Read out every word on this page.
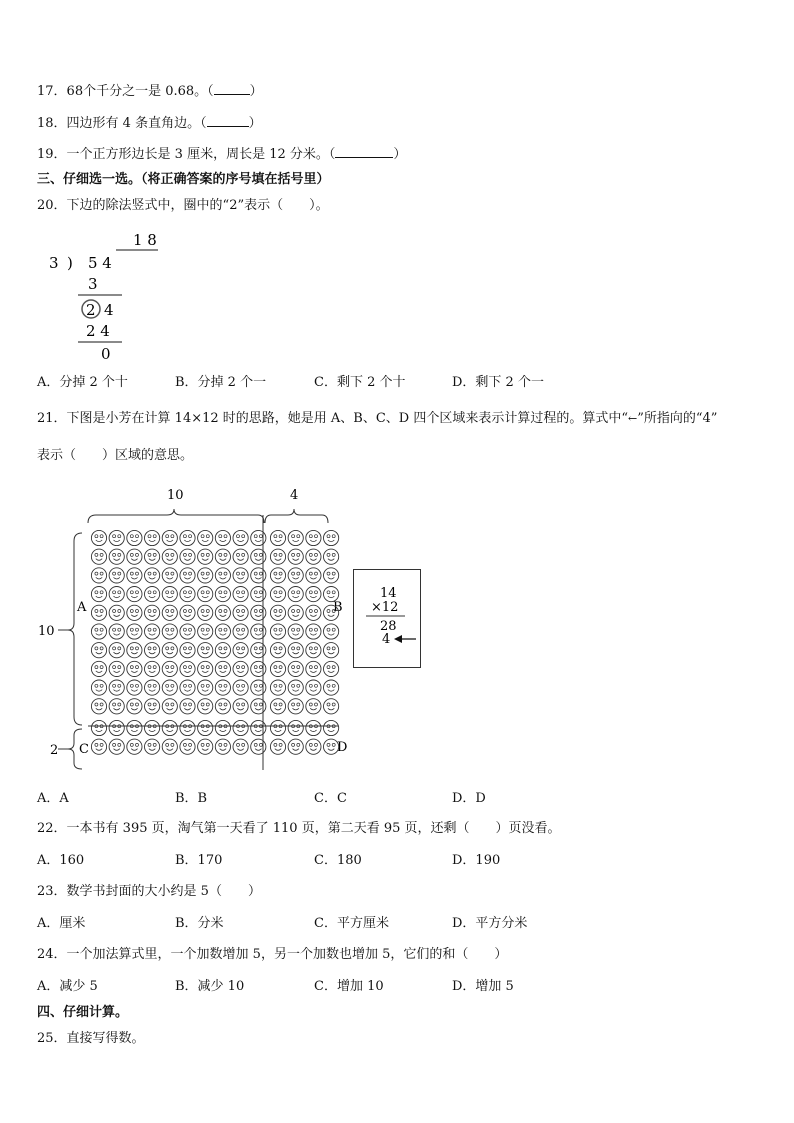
17．68个千分之一是 0.68。（	）
18．四边形有 4 条直角边。（	）
19．一个正方形边长是 3 厘米，周长是 12 分米。（	）
三、仔细选一选。（将正确答案的序号填在括号里）
20．下边的除法竖式中，圈中的“2”表示（　　）。
1 8
3 ) 5 4
3
2 4
2 4
0
A．分掉 2 个十	B．分掉 2 个一	C．剩下 2 个十	D．剩下 2 个一
21．下图是小芳在计算 14×12 时的思路，她是用 A、B、C、D 四个区域来表示计算过程的。算式中“←”所指向的“4”
表示（　　）区域的意思。
10	4
10
2
A	B
C	D
14
×12
28
4
A．A	B．B	C．C	D．D
22．一本书有 395 页，淘气第一天看了 110 页，第二天看 95 页，还剩（　　）页没看。
A．160	B．170	C．180	D．190
23．数学书封面的大小约是 5（　　）
A．厘米	B．分米	C．平方厘米	D．平方分米
24．一个加法算式里，一个加数增加 5，另一个加数也增加 5，它们的和（　　）
A．减少 5	B．减少 10	C．增加 10	D．增加 5
四、仔细计算。
25．直接写得数。
